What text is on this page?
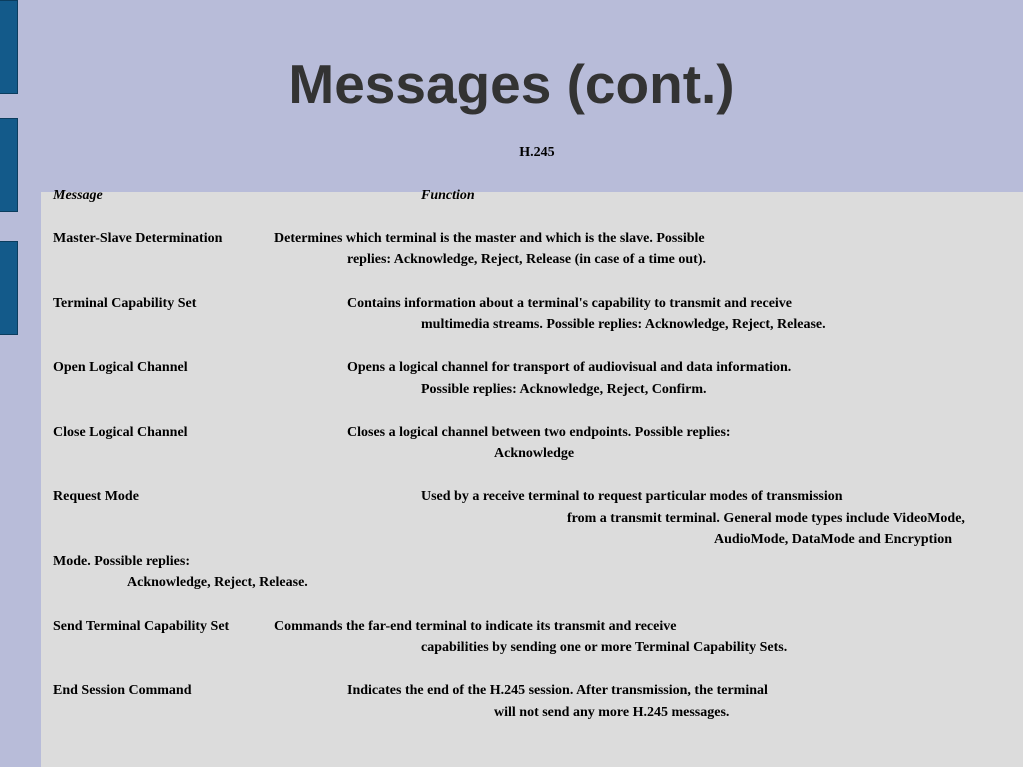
Messages (cont.)
H.245
Message	Function
Master-Slave Determination	Determines which terminal is the master and which is the slave. Possible
replies: Acknowledge, Reject, Release (in case of a time out).
Terminal Capability Set	Contains information about a terminal's capability to transmit and receive
multimedia streams. Possible replies: Acknowledge, Reject, Release.
Open Logical Channel	Opens a logical channel for transport of audiovisual and data information.
Possible replies: Acknowledge, Reject, Confirm.
Close Logical Channel	Closes a logical channel between two endpoints. Possible replies:
Acknowledge
Request Mode	Used by a receive terminal to request particular modes of transmission
from a transmit terminal. General mode types include VideoMode,
AudioMode, DataMode and Encryption
Mode. Possible replies:
Acknowledge, Reject, Release.
Send Terminal Capability Set	Commands the far-end terminal to indicate its transmit and receive
capabilities by sending one or more Terminal Capability Sets.
End Session Command	Indicates the end of the H.245 session. After transmission, the terminal
will not send any more H.245 messages.
